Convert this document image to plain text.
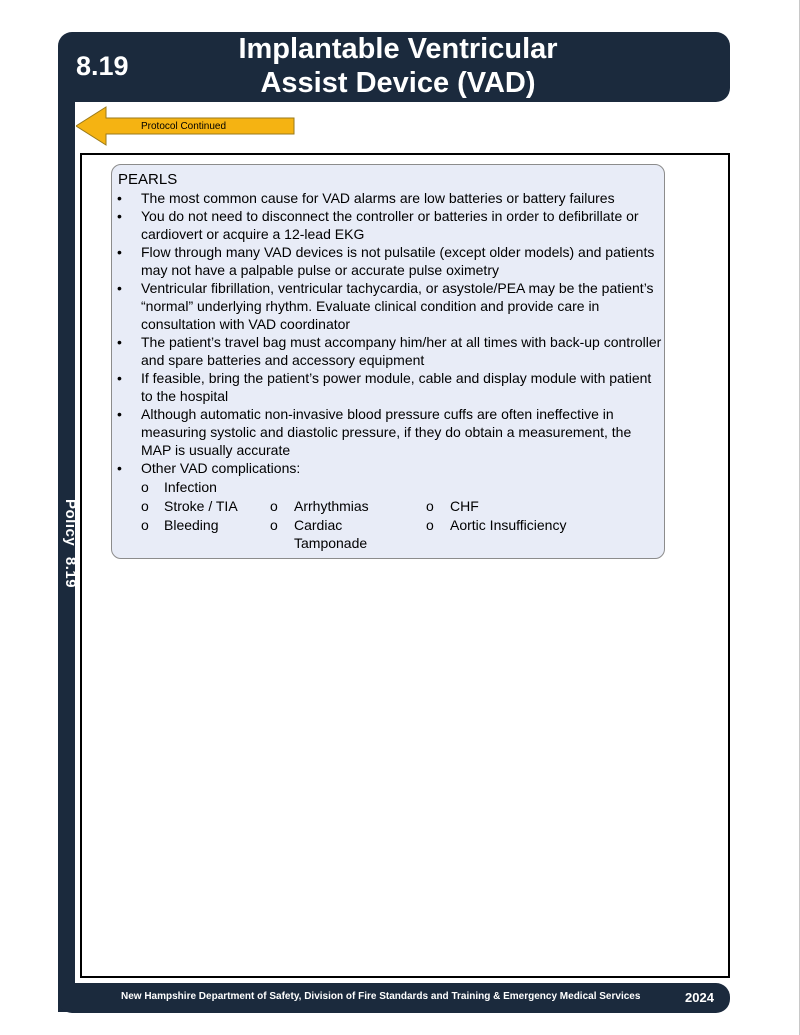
8.19
Implantable Ventricular
Assist Device (VAD)
Policy 8.19
Protocol Continued
PEARLS
• The most common cause for VAD alarms are low batteries or battery failures
• You do not need to disconnect the controller or batteries in order to defibrillate or cardiovert or acquire a 12-lead EKG
• Flow through many VAD devices is not pulsatile (except older models) and patients may not have a palpable pulse or accurate pulse oximetry
• Ventricular fibrillation, ventricular tachycardia, or asystole/PEA may be the patient’s “normal” underlying rhythm. Evaluate clinical condition and provide care in consultation with VAD coordinator
• The patient’s travel bag must accompany him/her at all times with back-up controller and spare batteries and accessory equipment
• If feasible, bring the patient’s power module, cable and display module with patient to the hospital
• Although automatic non-invasive blood pressure cuffs are often ineffective in measuring systolic and diastolic pressure, if they do obtain a measurement, the MAP is usually accurate
• Other VAD complications:
o Infection
o Stroke / TIA o Arrhythmias	o CHF
o Bleeding	o Cardiac Tamponade
o Aortic Insufficiency
New Hampshire Department of Safety, Division of Fire Standards and Training & Emergency Medical Services	2024
